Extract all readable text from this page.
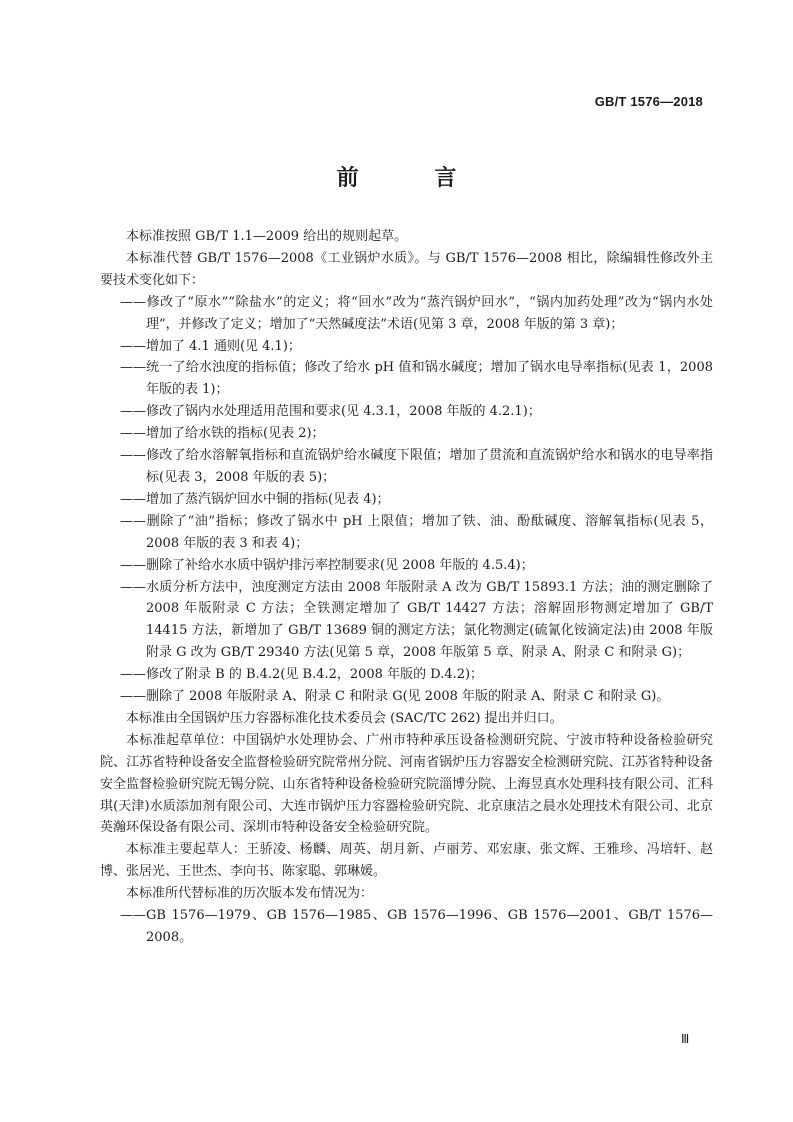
GB/T 1576—2018
前 言

本标准按照 GB/T 1.1—2009 给出的规则起草。

本标准代替 GB/T 1576—2008《工业锅炉水质》。与 GB/T 1576—2008 相比，除编辑性修改外主要技术变化如下：

——修改了“原水”“除盐水”的定义；将“回水”改为“蒸汽锅炉回水”，“锅内加药处理”改为“锅内水处理”，并修改了定义；增加了“天然碱度法”术语(见第 3 章，2008 年版的第 3 章)；

——增加了 4.1 通则(见 4.1)；

——统一了给水浊度的指标值；修改了给水 pH 值和锅水碱度；增加了锅水电导率指标(见表 1，2008 年版的表 1)；

——修改了锅内水处理适用范围和要求(见 4.3.1，2008 年版的 4.2.1)；

——增加了给水铁的指标(见表 2)；

——修改了给水溶解氧指标和直流锅炉给水碱度下限值；增加了贯流和直流锅炉给水和锅水的电导率指标(见表 3，2008 年版的表 5)；

——增加了蒸汽锅炉回水中铜的指标(见表 4)；

——删除了“油”指标；修改了锅水中 pH 上限值；增加了铁、油、酚酞碱度、溶解氧指标(见表 5，2008 年版的表 3 和表 4)；

——删除了补给水水质中锅炉排污率控制要求(见 2008 年版的 4.5.4)；

——水质分析方法中，浊度测定方法由 2008 年版附录 A 改为 GB/T 15893.1 方法；油的测定删除了 2008 年版附录 C 方法；全铁测定增加了 GB/T 14427 方法；溶解固形物测定增加了 GB/T 14415 方法，新增加了 GB/T 13689 铜的测定方法；氯化物测定(硫氰化铵滴定法)由 2008 年版附录 G 改为 GB/T 29340 方法(见第 5 章，2008 年版第 5 章、附录 A、附录 C 和附录 G)；

——修改了附录 B 的 B.4.2(见 B.4.2，2008 年版的 D.4.2)；

——删除了 2008 年版附录 A、附录 C 和附录 G(见 2008 年版的附录 A、附录 C 和附录 G)。

本标准由全国锅炉压力容器标准化技术委员会 (SAC/TC 262) 提出并归口。

本标准起草单位：中国锅炉水处理协会、广州市特种承压设备检测研究院、宁波市特种设备检验研究院、江苏省特种设备安全监督检验研究院常州分院、河南省锅炉压力容器安全检测研究院、江苏省特种设备安全监督检验研究院无锡分院、山东省特种设备检验研究院淄博分院、上海昱真水处理科技有限公司、汇科琪(天津)水质添加剂有限公司、大连市锅炉压力容器检验研究院、北京康洁之晨水处理技术有限公司、北京英瀚环保设备有限公司、深圳市特种设备安全检验研究院。

本标准主要起草人：王骄凌、杨麟、周英、胡月新、卢丽芳、邓宏康、张文辉、王雅珍、冯培轩、赵博、张居光、王世杰、李向书、陈家聪、郭琳媛。

本标准所代替标准的历次版本发布情况为：

——GB 1576—1979、GB 1576—1985、GB 1576—1996、GB 1576—2001、GB/T 1576—2008。

Ⅲ
